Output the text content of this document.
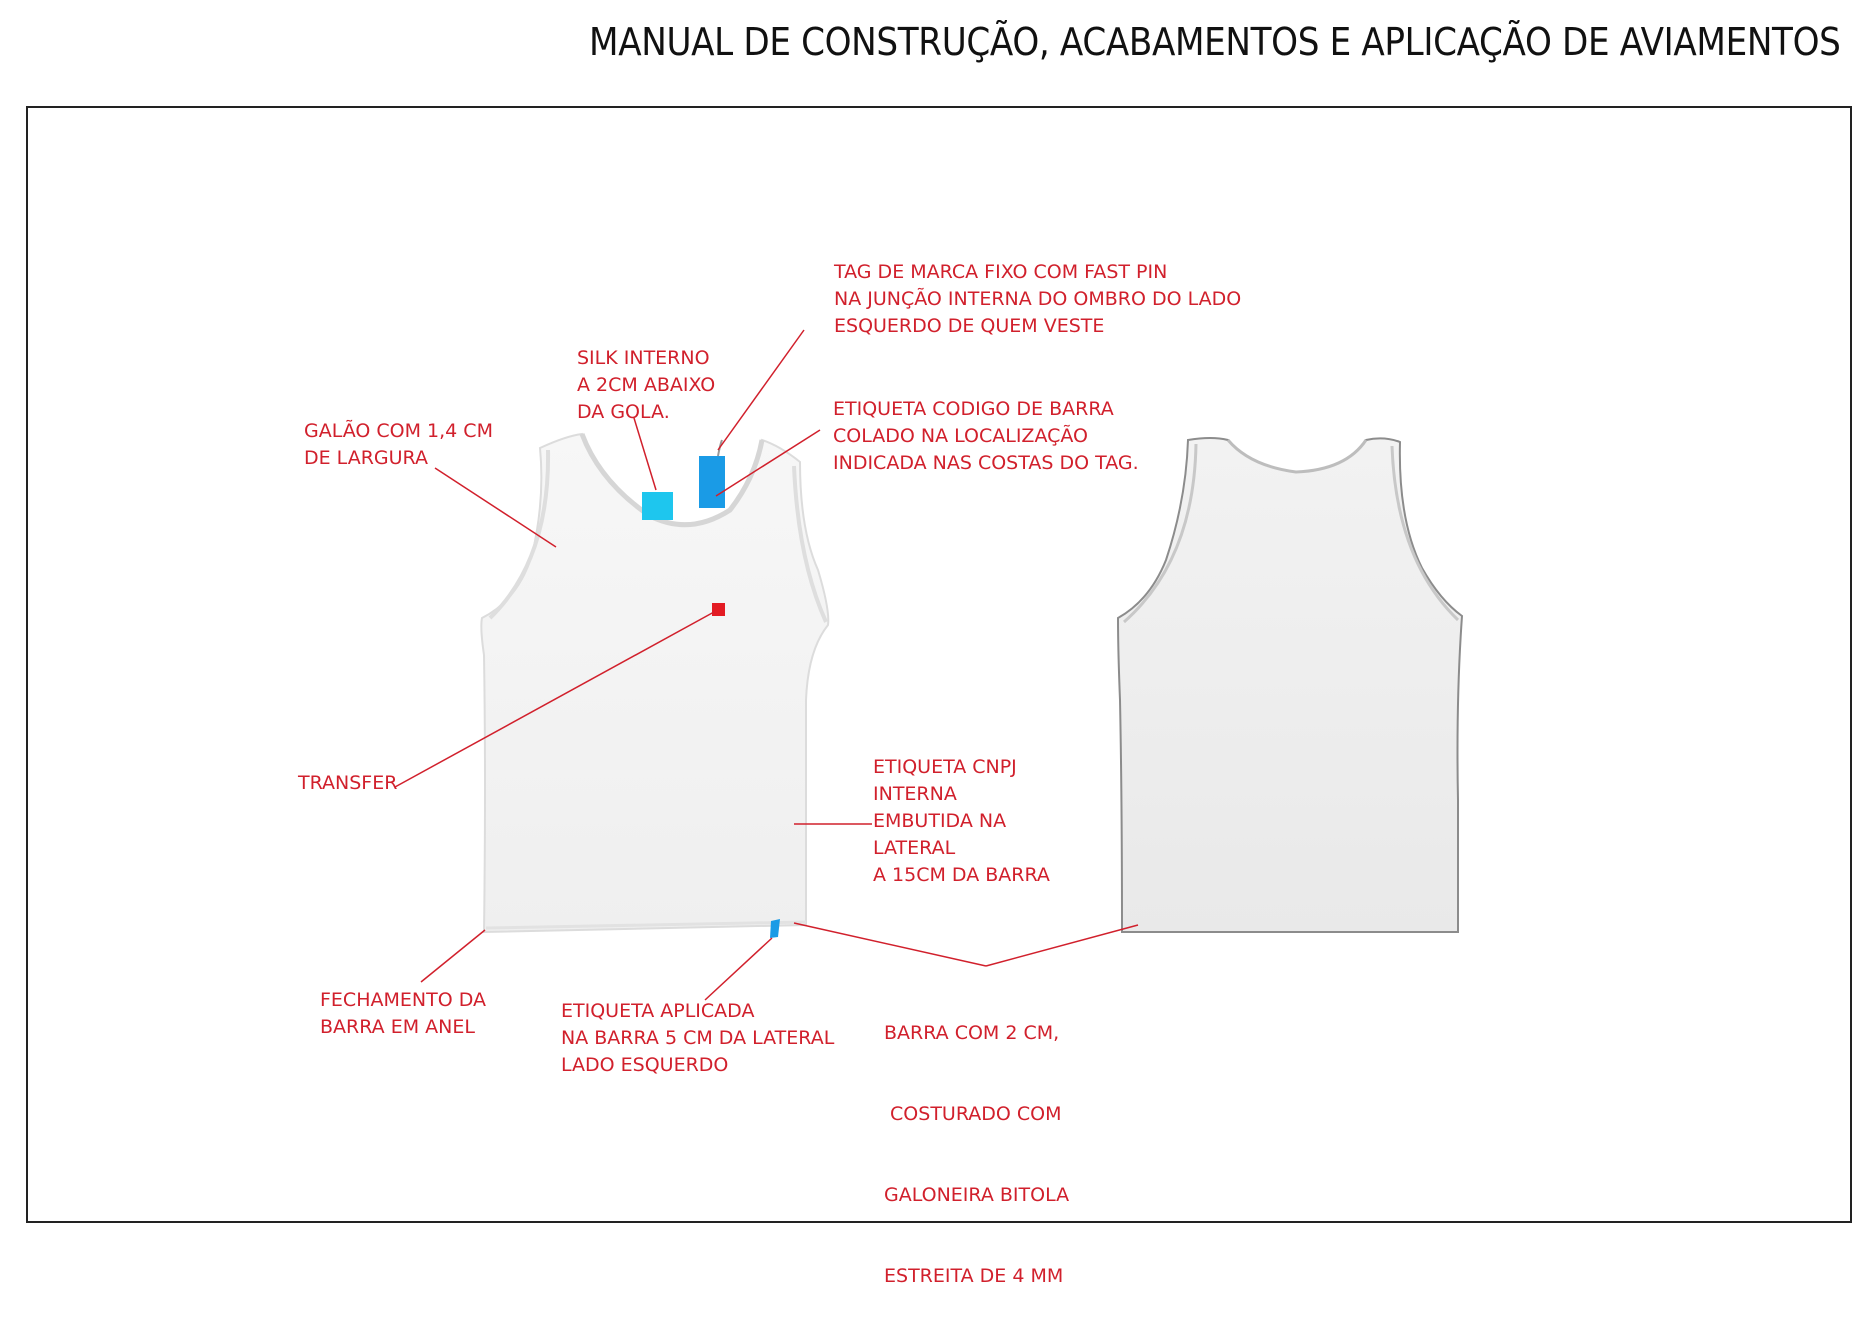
MANUAL DE CONSTRUÇÃO, ACABAMENTOS E APLICAÇÃO DE AVIAMENTOS
TAG DE MARCA FIXO COM FAST PIN
NA JUNÇÃO INTERNA DO OMBRO DO LADO
ESQUERDO DE QUEM VESTE
SILK INTERNO
A 2CM ABAIXO
DA GOLA.
GALÃO COM 1,4 CM
DE LARGURA
ETIQUETA CODIGO DE BARRA
COLADO NA LOCALIZAÇÃO
INDICADA NAS COSTAS DO TAG.
TRANSFER
ETIQUETA CNPJ
INTERNA
EMBUTIDA NA
LATERAL
A 15CM DA BARRA
FECHAMENTO DA
BARRA EM ANEL
ETIQUETA APLICADA
NA BARRA 5 CM DA LATERAL
LADO ESQUERDO

BARRA COM 2 CM,

COSTURADO COM

GALONEIRA BITOLA

ESTREITA DE 4 MM
